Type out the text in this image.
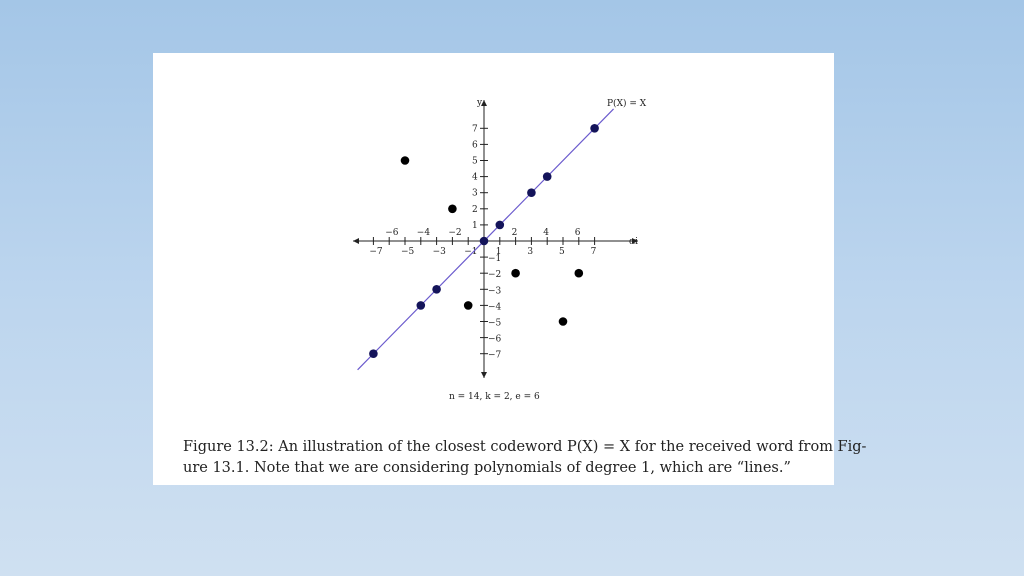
−6 −4 −2	2	4	6
−7 −5 −3 −1 1	3	5	7
1
2
3
4
5
6
7
−1
−2
−3
−4
−5
−6
−7
αi
y	P(X) = X
n = 14, k = 2, e = 6

Figure 13.2: An illustration of the closest codeword P(X) = X for the received word from Fig-

ure 13.1. Note that we are considering polynomials of degree 1, which are “lines.”
